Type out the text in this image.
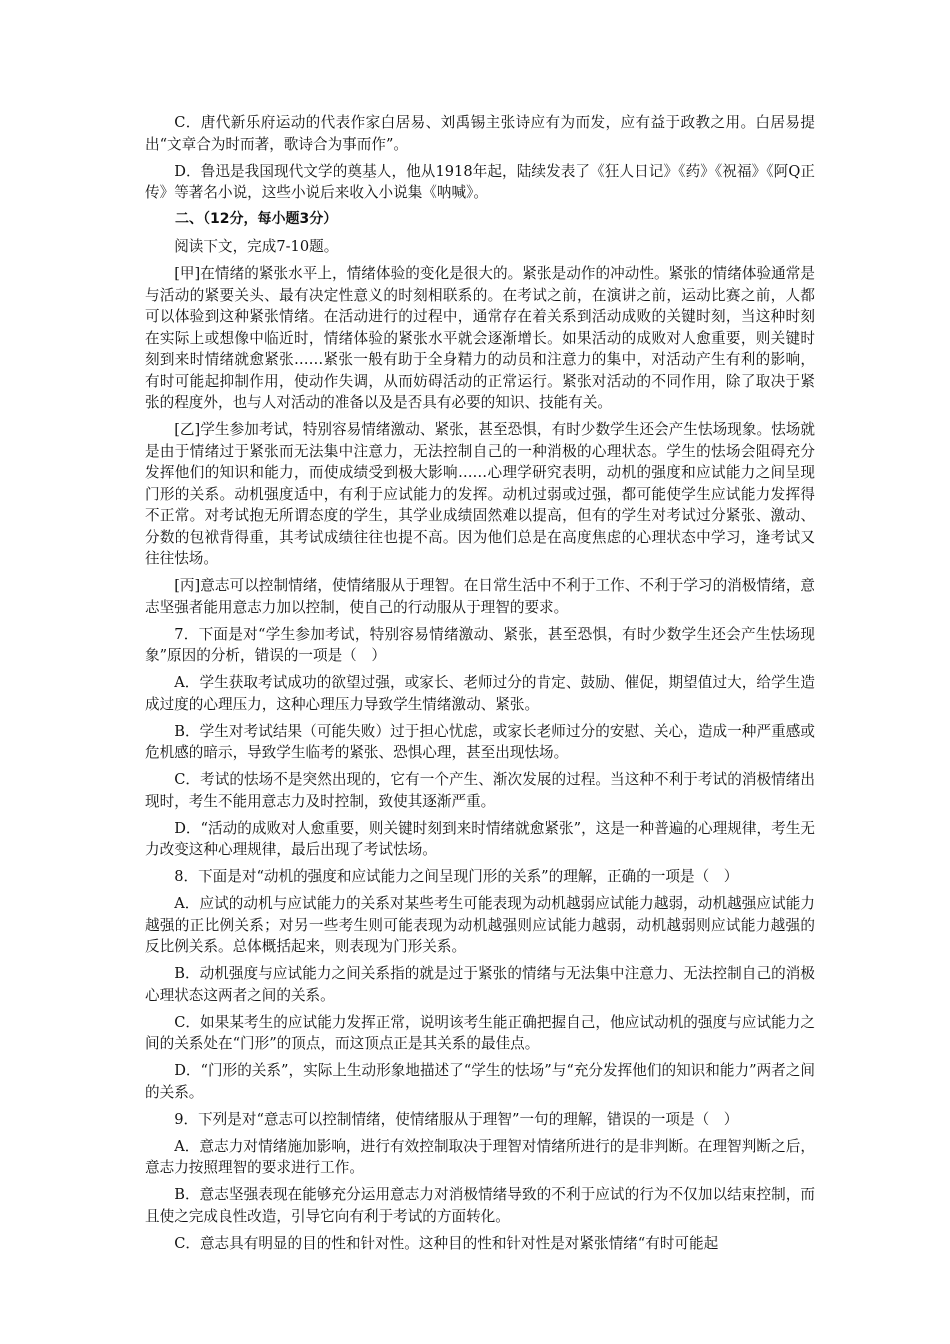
C．唐代新乐府运动的代表作家白居易、刘禹锡主张诗应有为而发，应有益于政教之用。白居易提出“文章合为时而著，歌诗合为事而作”。

D．鲁迅是我国现代文学的奠基人，他从1918年起，陆续发表了《狂人日记》《药》《祝福》《阿Q正传》等著名小说，这些小说后来收入小说集《呐喊》。

二、（12分，每小题3分）

阅读下文，完成7-10题。

[甲]在情绪的紧张水平上，情绪体验的变化是很大的。紧张是动作的冲动性。紧张的情绪体验通常是与活动的紧要关头、最有决定性意义的时刻相联系的。在考试之前，在演讲之前，运动比赛之前，人都可以体验到这种紧张情绪。在活动进行的过程中，通常存在着关系到活动成败的关键时刻，当这种时刻在实际上或想像中临近时，情绪体验的紧张水平就会逐渐增长。如果活动的成败对人愈重要，则关键时刻到来时情绪就愈紧张……紧张一般有助于全身精力的动员和注意力的集中，对活动产生有利的影响，有时可能起抑制作用，使动作失调，从而妨碍活动的正常运行。紧张对活动的不同作用，除了取决于紧张的程度外，也与人对活动的准备以及是否具有必要的知识、技能有关。

[乙]学生参加考试，特别容易情绪激动、紧张，甚至恐惧，有时少数学生还会产生怯场现象。怯场就是由于情绪过于紧张而无法集中注意力，无法控制自己的一种消极的心理状态。学生的怯场会阻碍充分发挥他们的知识和能力，而使成绩受到极大影响……心理学研究表明，动机的强度和应试能力之间呈现门形的关系。动机强度适中，有利于应试能力的发挥。动机过弱或过强，都可能使学生应试能力发挥得不正常。对考试抱无所谓态度的学生，其学业成绩固然难以提高，但有的学生对考试过分紧张、激动、分数的包袱背得重，其考试成绩往往也提不高。因为他们总是在高度焦虑的心理状态中学习，逢考试又往往怯场。

[丙]意志可以控制情绪，使情绪服从于理智。在日常生活中不利于工作、不利于学习的消极情绪，意志坚强者能用意志力加以控制，使自己的行动服从于理智的要求。

7．下面是对“学生参加考试，特别容易情绪激动、紧张，甚至恐惧，有时少数学生还会产生怯场现象”原因的分析，错误的一项是（　）

A．学生获取考试成功的欲望过强，或家长、老师过分的肯定、鼓励、催促，期望值过大，给学生造成过度的心理压力，这种心理压力导致学生情绪激动、紧张。

B．学生对考试结果（可能失败）过于担心忧虑，或家长老师过分的安慰、关心，造成一种严重感或危机感的暗示，导致学生临考的紧张、恐惧心理，甚至出现怯场。

C．考试的怯场不是突然出现的，它有一个产生、渐次发展的过程。当这种不利于考试的消极情绪出现时，考生不能用意志力及时控制，致使其逐渐严重。

D．“活动的成败对人愈重要，则关键时刻到来时情绪就愈紧张”，这是一种普遍的心理规律，考生无力改变这种心理规律，最后出现了考试怯场。

8．下面是对“动机的强度和应试能力之间呈现门形的关系”的理解，正确的一项是（　）

A．应试的动机与应试能力的关系对某些考生可能表现为动机越弱应试能力越弱，动机越强应试能力越强的正比例关系；对另一些考生则可能表现为动机越强则应试能力越弱，动机越弱则应试能力越强的反比例关系。总体概括起来，则表现为门形关系。

B．动机强度与应试能力之间关系指的就是过于紧张的情绪与无法集中注意力、无法控制自己的消极心理状态这两者之间的关系。

C．如果某考生的应试能力发挥正常，说明该考生能正确把握自己，他应试动机的强度与应试能力之间的关系处在“门形”的顶点，而这顶点正是其关系的最佳点。

D．“门形的关系”，实际上生动形象地描述了“学生的怯场”与“充分发挥他们的知识和能力”两者之间的关系。

9．下列是对“意志可以控制情绪，使情绪服从于理智”一句的理解，错误的一项是（　）

A．意志力对情绪施加影响，进行有效控制取决于理智对情绪所进行的是非判断。在理智判断之后，意志力按照理智的要求进行工作。

B．意志坚强表现在能够充分运用意志力对消极情绪导致的不利于应试的行为不仅加以结束控制，而且使之完成良性改造，引导它向有利于考试的方面转化。

C．意志具有明显的目的性和针对性。这种目的性和针对性是对紧张情绪“有时可能起
